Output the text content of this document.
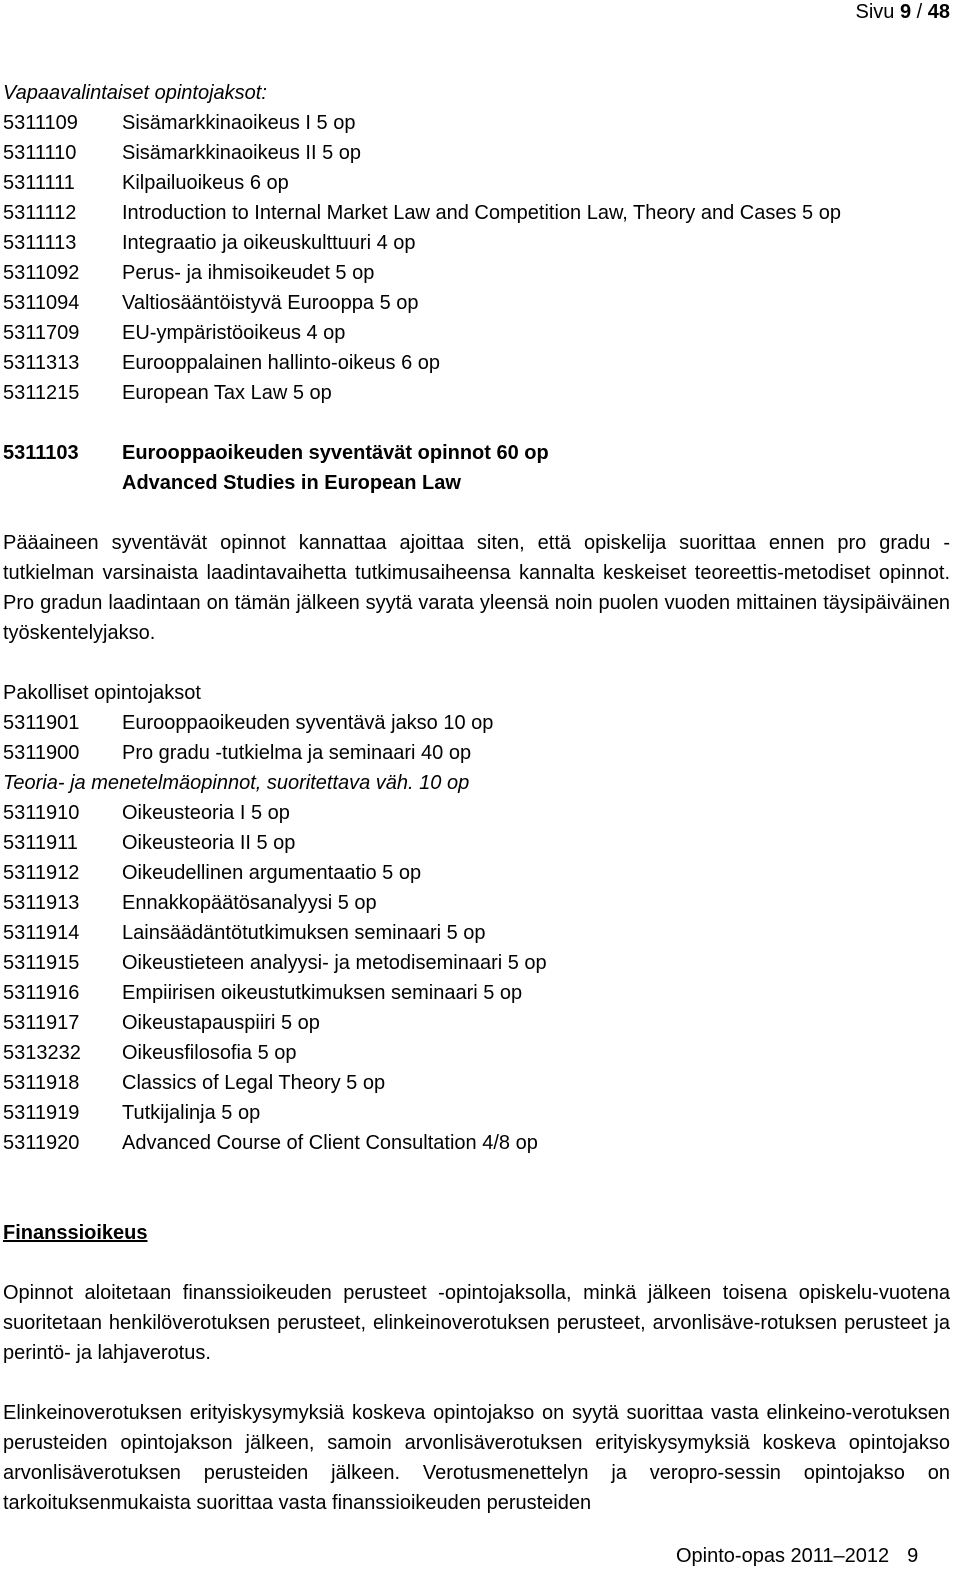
Sivu 9 / 48
Vapaavalintaiset opintojaksot:
5311109	Sisämarkkinaoikeus I 5 op
5311110	Sisämarkkinaoikeus II 5 op
5311111	Kilpailuoikeus 6 op
5311112	Introduction to Internal Market Law and Competition Law, Theory and Cases 5 op
5311113	Integraatio ja oikeuskulttuuri 4 op
5311092	Perus- ja ihmisoikeudet 5 op
5311094	Valtiosääntöistyvä Eurooppa 5 op
5311709	EU-ympäristöoikeus 4 op
5311313	Eurooppalainen hallinto-oikeus 6 op
5311215	European Tax Law 5 op
5311103	Eurooppaoikeuden syventävät opinnot 60 op
Advanced Studies in European Law
Pääaineen syventävät opinnot kannattaa ajoittaa siten, että opiskelija suorittaa ennen pro gradu -tutkielman varsinaista laadintavaihetta tutkimusaiheensa kannalta keskeiset teoreettis-metodiset opinnot. Pro gradun laadintaan on tämän jälkeen syytä varata yleensä noin puolen vuoden mittainen täysipäiväinen työskentelyjakso.
Pakolliset opintojaksot
5311901	Eurooppaoikeuden syventävä jakso 10 op
5311900	Pro gradu -tutkielma ja seminaari 40 op
Teoria- ja menetelmäopinnot, suoritettava väh. 10 op
5311910	Oikeusteoria I 5 op
5311911	Oikeusteoria II 5 op
5311912	Oikeudellinen argumentaatio 5 op
5311913	Ennakkopäätösanalyysi 5 op
5311914	Lainsäädäntötutkimuksen seminaari 5 op
5311915	Oikeustieteen analyysi- ja metodiseminaari 5 op
5311916	Empiirisen oikeustutkimuksen seminaari 5 op
5311917	Oikeustapauspiiri 5 op
5313232	Oikeusfilosofia 5 op
5311918	Classics of Legal Theory 5 op
5311919	Tutkijalinja 5 op
5311920	Advanced Course of Client Consultation 4/8 op
Finanssioikeus
Opinnot aloitetaan finanssioikeuden perusteet -opintojaksolla, minkä jälkeen toisena opiskelu-vuotena suoritetaan henkilöverotuksen perusteet, elinkeinoverotuksen perusteet, arvonlisäve-rotuksen perusteet ja perintö- ja lahjaverotus.
Elinkeinoverotuksen erityiskysymyksiä koskeva opintojakso on syytä suorittaa vasta elinkeino-verotuksen perusteiden opintojakson jälkeen, samoin arvonlisäverotuksen erityiskysymyksiä koskeva opintojakso arvonlisäverotuksen perusteiden jälkeen. Verotusmenettelyn ja veropro-sessin opintojakso on tarkoituksenmukaista suorittaa vasta finanssioikeuden perusteiden
Opinto-opas 2011–2012 9
